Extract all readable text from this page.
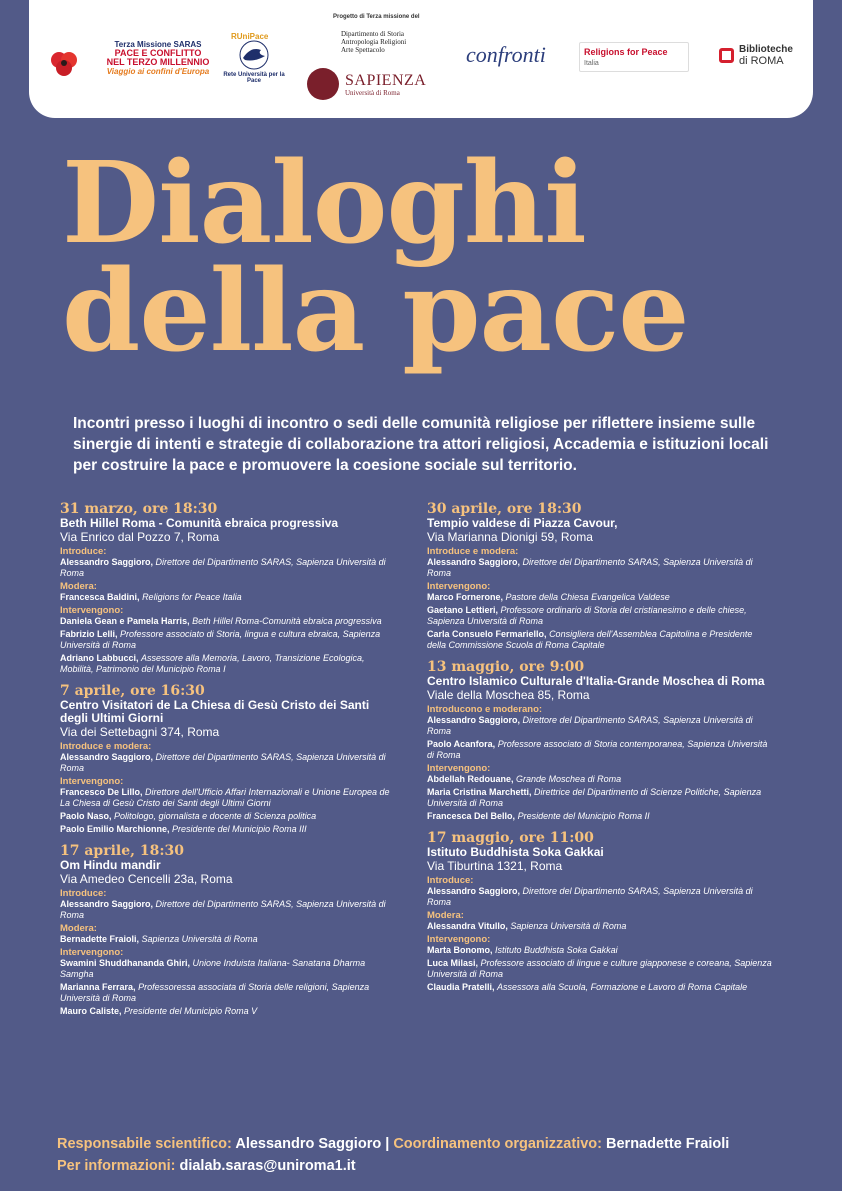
Terza Missione SARAS
PACE E CONFLITTO
NEL TERZO MILLENNIO
Viaggio ai confini d'Europa
RUniPace
Rete Università per la Pace
Progetto di Terza missione del
Dipartimento di Storia
Antropologia Religioni
Arte Spettacolo
SAPIENZA
Università di Roma
confronti	Religions for Peace
Italia
Biblioteche
di ROMA
Dialoghi
della pace
Incontri presso i luoghi di incontro o sedi delle comunità religiose per riflettere insieme sulle sinergie di intenti e strategie di collaborazione tra attori religiosi, Accademia e istituzioni locali per costruire la pace e promuovere la coesione sociale sul territorio.
31 marzo, ore 18:30
Beth Hillel Roma - Comunità ebraica progressiva
Via Enrico dal Pozzo 7, Roma
Introduce:
Alessandro Saggioro, Direttore del Dipartimento SARAS, Sapienza Università di Roma
Modera:
Francesca Baldini, Religions for Peace Italia
Intervengono:
Daniela Gean e Pamela Harris, Beth Hillel Roma-Comunità ebraica progressiva
Fabrizio Lelli, Professore associato di Storia, lingua e cultura ebraica, Sapienza Università di Roma
Adriano Labbucci, Assessore alla Memoria, Lavoro, Transizione Ecologica, Mobilità, Patrimonio del Municipio Roma I
7 aprile, ore 16:30
Centro Visitatori de La Chiesa di Gesù Cristo dei Santi degli Ultimi Giorni
Via dei Settebagni 374, Roma
Introduce e modera:
Alessandro Saggioro, Direttore del Dipartimento SARAS, Sapienza Università di Roma
Intervengono:
Francesco De Lillo, Direttore dell'Ufficio Affari Internazionali e Unione Europea de La Chiesa di Gesù Cristo dei Santi degli Ultimi Giorni
Paolo Naso, Politologo, giornalista e docente di Scienza politica
Paolo Emilio Marchionne, Presidente del Municipio Roma III
17 aprile, 18:30
Om Hindu mandir
Via Amedeo Cencelli 23a, Roma
Introduce:
Alessandro Saggioro, Direttore del Dipartimento SARAS, Sapienza Università di Roma
Modera:
Bernadette Fraioli, Sapienza Università di Roma
Intervengono:
Swamini Shuddhananda Ghiri, Unione Induista Italiana- Sanatana Dharma Samgha
Marianna Ferrara, Professoressa associata di Storia delle religioni, Sapienza Università di Roma
Mauro Caliste, Presidente del Municipio Roma V
30 aprile, ore 18:30
Tempio valdese di Piazza Cavour,
Via Marianna Dionigi 59, Roma
Introduce e modera:
Alessandro Saggioro, Direttore del Dipartimento SARAS, Sapienza Università di Roma
Intervengono:
Marco Fornerone, Pastore della Chiesa Evangelica Valdese
Gaetano Lettieri, Professore ordinario di Storia del cristianesimo e delle chiese, Sapienza Università di Roma
Carla Consuelo Fermariello, Consigliera dell'Assemblea Capitolina e Presidente della Commissione Scuola di Roma Capitale
13 maggio, ore 9:00
Centro Islamico Culturale d'Italia-Grande Moschea di Roma
Viale della Moschea 85, Roma
Introducono e moderano:
Alessandro Saggioro, Direttore del Dipartimento SARAS, Sapienza Università di Roma
Paolo Acanfora, Professore associato di Storia contemporanea, Sapienza Università di Roma
Intervengono:
Abdellah Redouane, Grande Moschea di Roma
Maria Cristina Marchetti, Direttrice del Dipartimento di Scienze Politiche, Sapienza Università di Roma
Francesca Del Bello, Presidente del Municipio Roma II
17 maggio, ore 11:00
Istituto Buddhista Soka Gakkai
Via Tiburtina 1321, Roma
Introduce:
Alessandro Saggioro, Direttore del Dipartimento SARAS, Sapienza Università di Roma
Modera:
Alessandra Vitullo, Sapienza Università di Roma
Intervengono:
Marta Bonomo, Istituto Buddhista Soka Gakkai
Luca Milasi, Professore associato di lingue e culture giapponese e coreana, Sapienza Università di Roma
Claudia Pratelli, Assessora alla Scuola, Formazione e Lavoro di Roma Capitale
Responsabile scientifico: Alessandro Saggioro | Coordinamento organizzativo: Bernadette Fraioli
Per informazioni: dialab.saras@uniroma1.it
